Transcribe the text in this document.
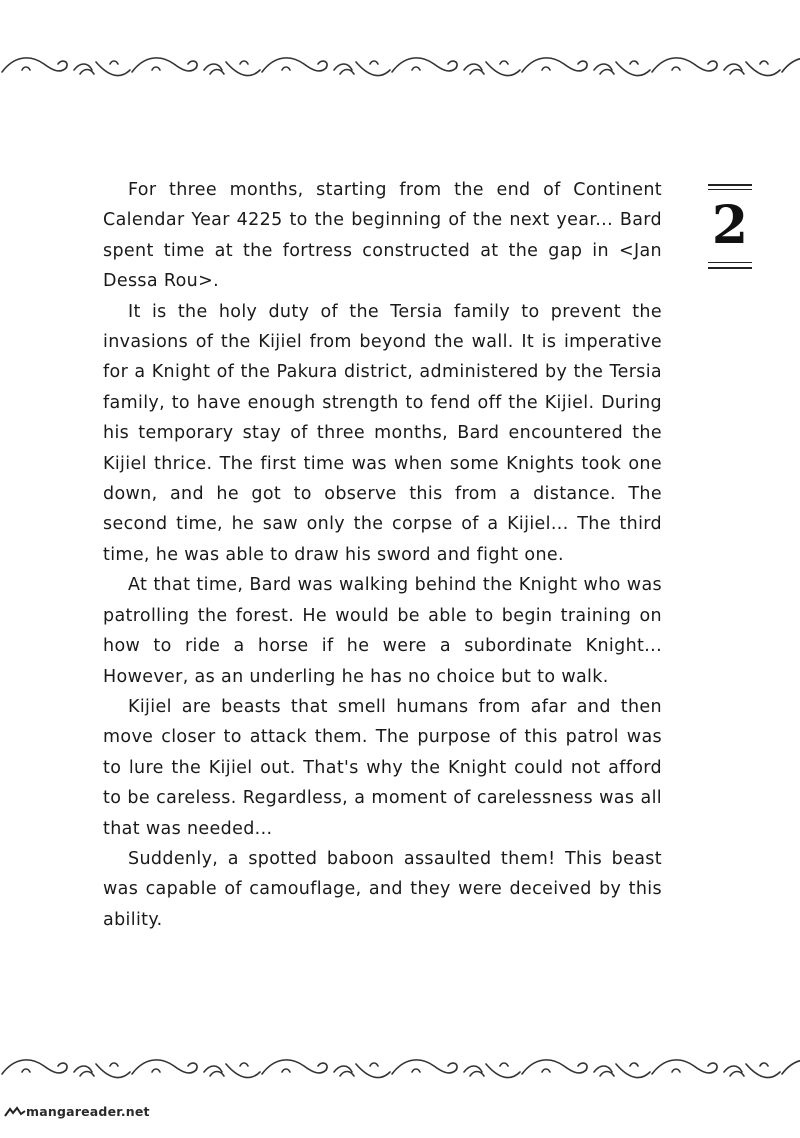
2

For three months, starting from the end of Continent Calendar Year 4225 to the beginning of the next year... Bard spent time at the fortress constructed at the gap in <Jan Dessa Rou>.

It is the holy duty of the Tersia family to prevent the invasions of the Kijiel from beyond the wall. It is imperative for a Knight of the Pakura district, administered by the Tersia family, to have enough strength to fend off the Kijiel. During his temporary stay of three months, Bard encountered the Kijiel thrice. The first time was when some Knights took one down, and he got to observe this from a distance. The second time, he saw only the corpse of a Kijiel... The third time, he was able to draw his sword and fight one.

At that time, Bard was walking behind the Knight who was patrolling the forest. He would be able to begin training on how to ride a horse if he were a subordinate Knight... However, as an underling he has no choice but to walk.

Kijiel are beasts that smell humans from afar and then move closer to attack them. The purpose of this patrol was to lure the Kijiel out. That's why the Knight could not afford to be careless. Regardless, a moment of carelessness was all that was needed...

Suddenly, a spotted baboon assaulted them! This beast was capable of camouflage, and they were deceived by this ability.

mangareader.net
